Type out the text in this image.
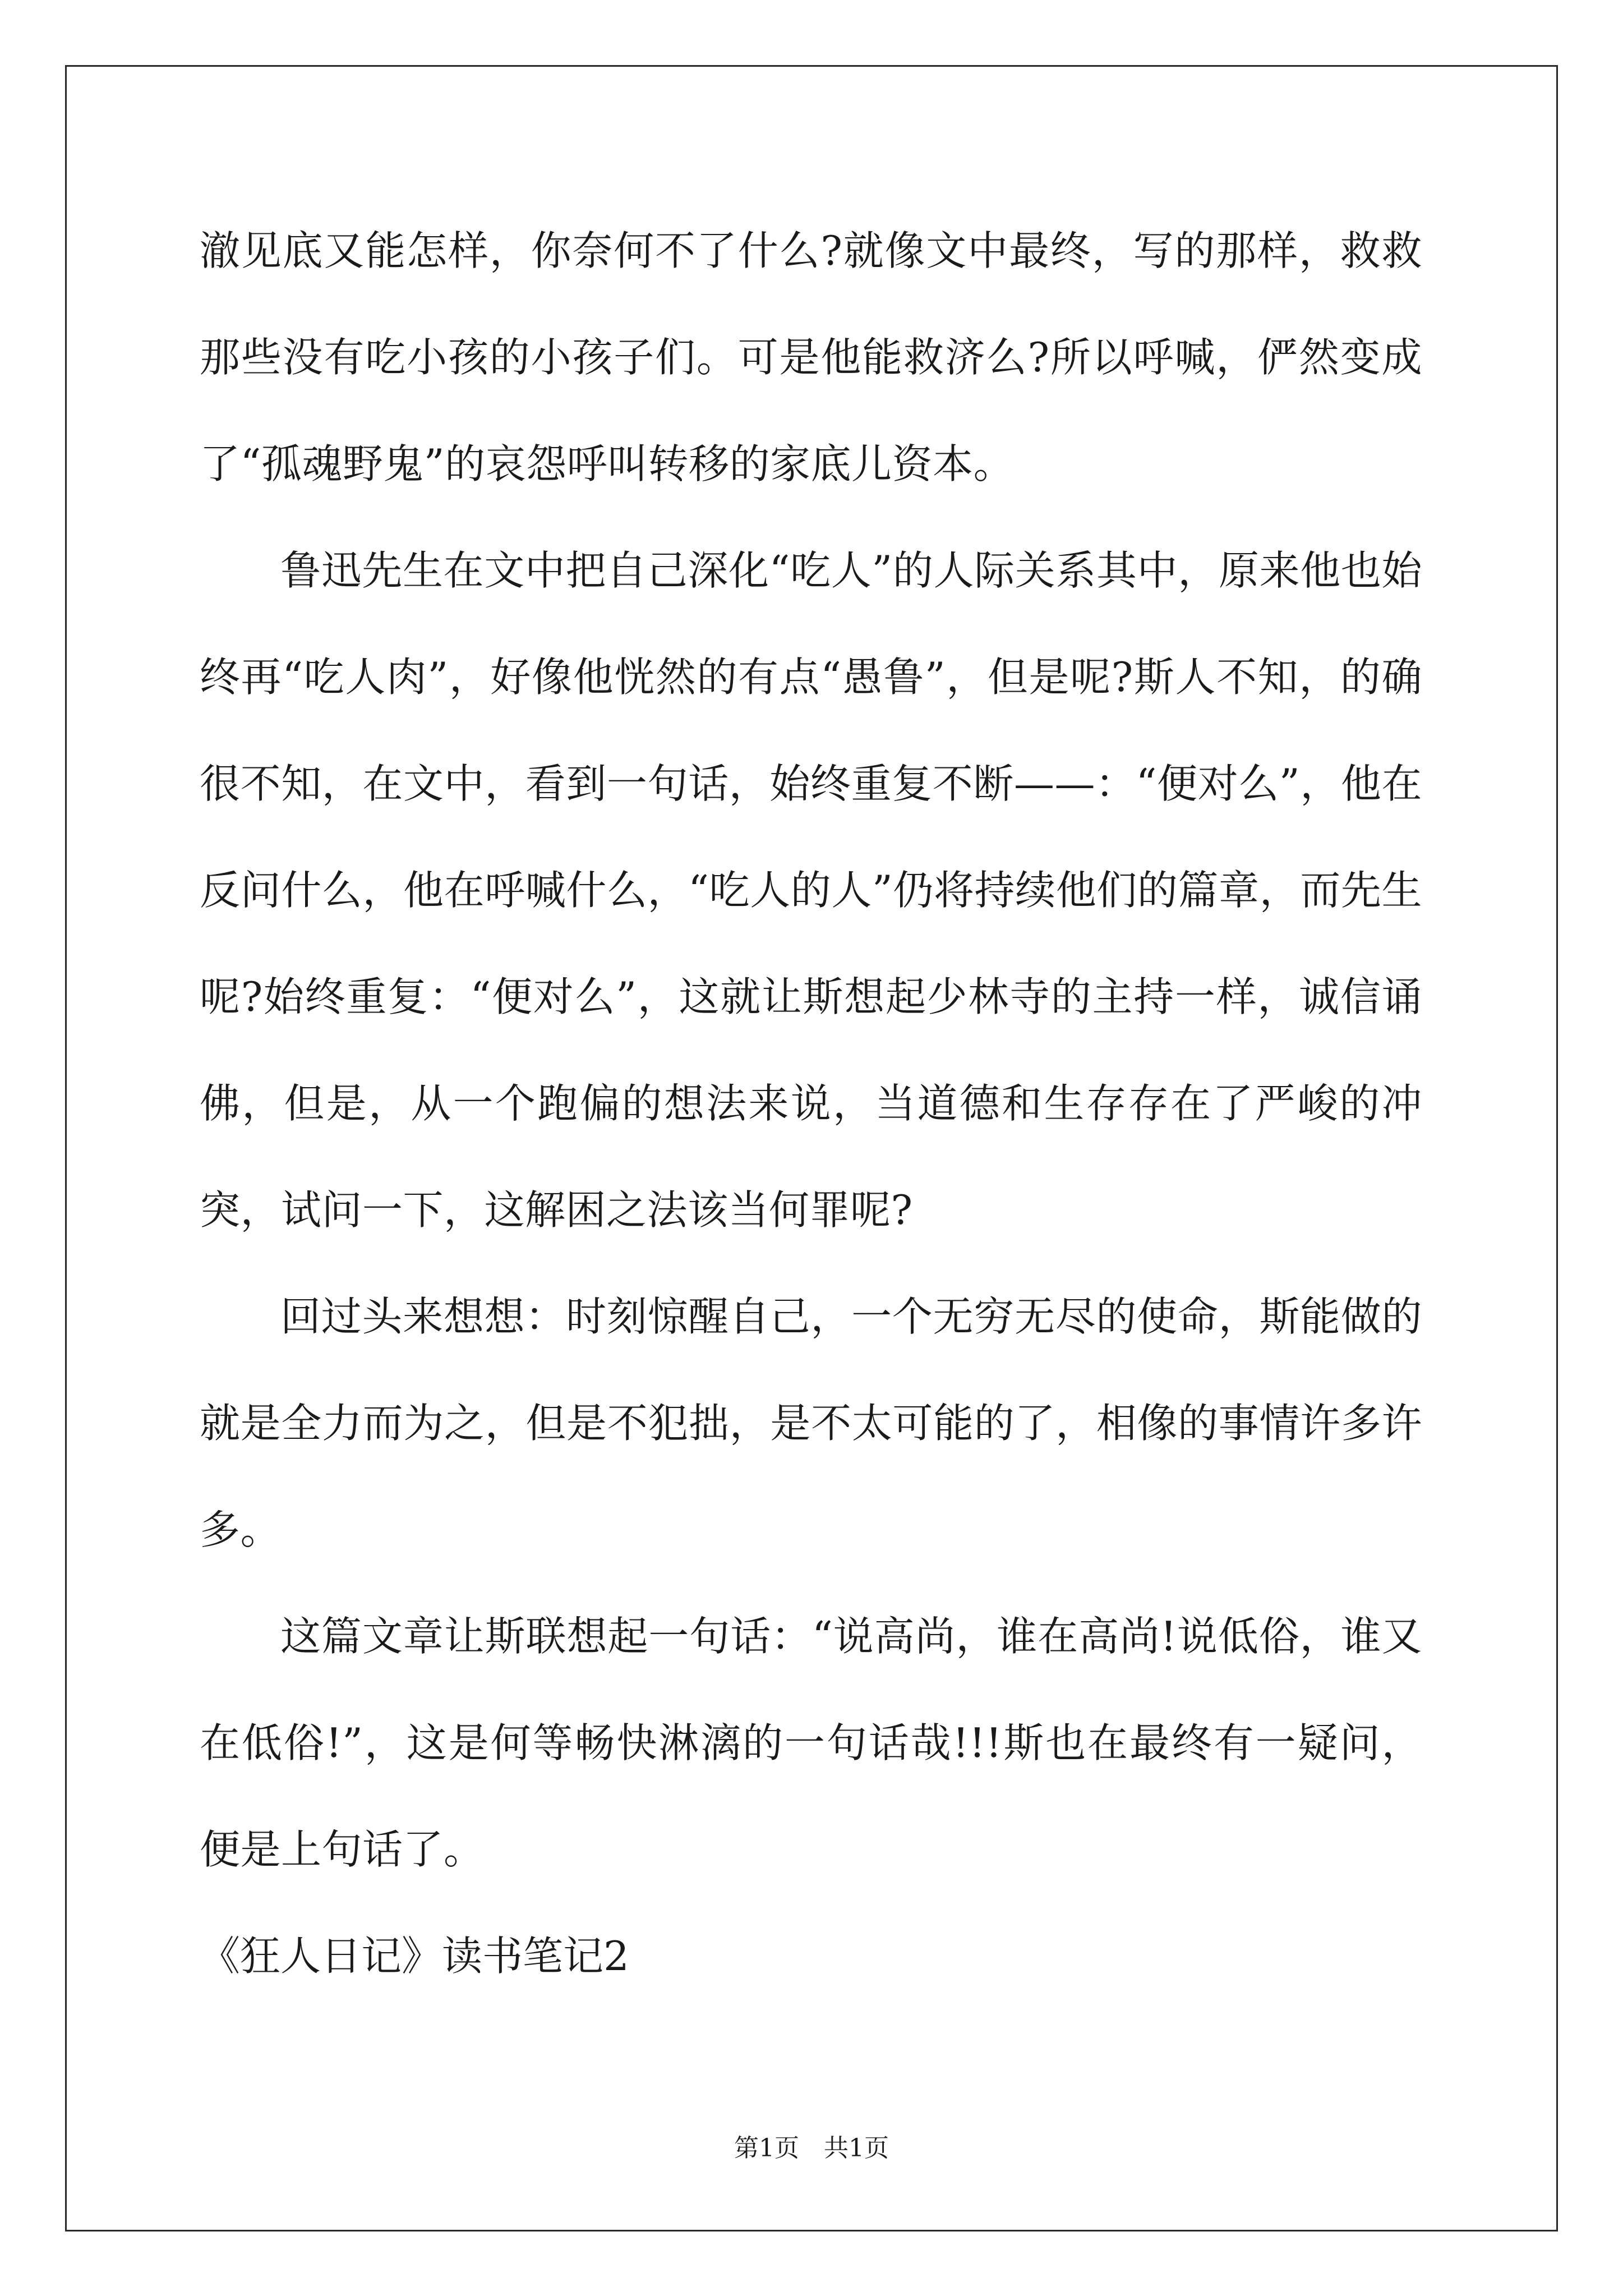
澈见底又能怎样，你奈何不了什么?就像文中最终，写的那样，救救那些没有吃小孩的小孩子们。可是他能救济么?所以呼喊，俨然变成了“孤魂野鬼”的哀怨呼叫转移的家底儿资本。

鲁迅先生在文中把自己深化“吃人”的人际关系其中，原来他也始终再“吃人肉”，好像他恍然的有点“愚鲁”，但是呢?斯人不知，的确很不知，在文中，看到一句话，始终重复不断——：“便对么”，他在反问什么，他在呼喊什么，“吃人的人”仍将持续他们的篇章，而先生呢?始终重复：“便对么”，这就让斯想起少林寺的主持一样，诚信诵佛，但是，从一个跑偏的想法来说，当道德和生存存在了严峻的冲突，试问一下，这解困之法该当何罪呢?

回过头来想想：时刻惊醒自己，一个无穷无尽的使命，斯能做的就是全力而为之，但是不犯拙，是不太可能的了，相像的事情许多许多。

这篇文章让斯联想起一句话：“说高尚，谁在高尚!说低俗，谁又在低俗!”，这是何等畅快淋漓的一句话哉!!!斯也在最终有一疑问，便是上句话了。

《狂人日记》读书笔记2

第1页 共1页
